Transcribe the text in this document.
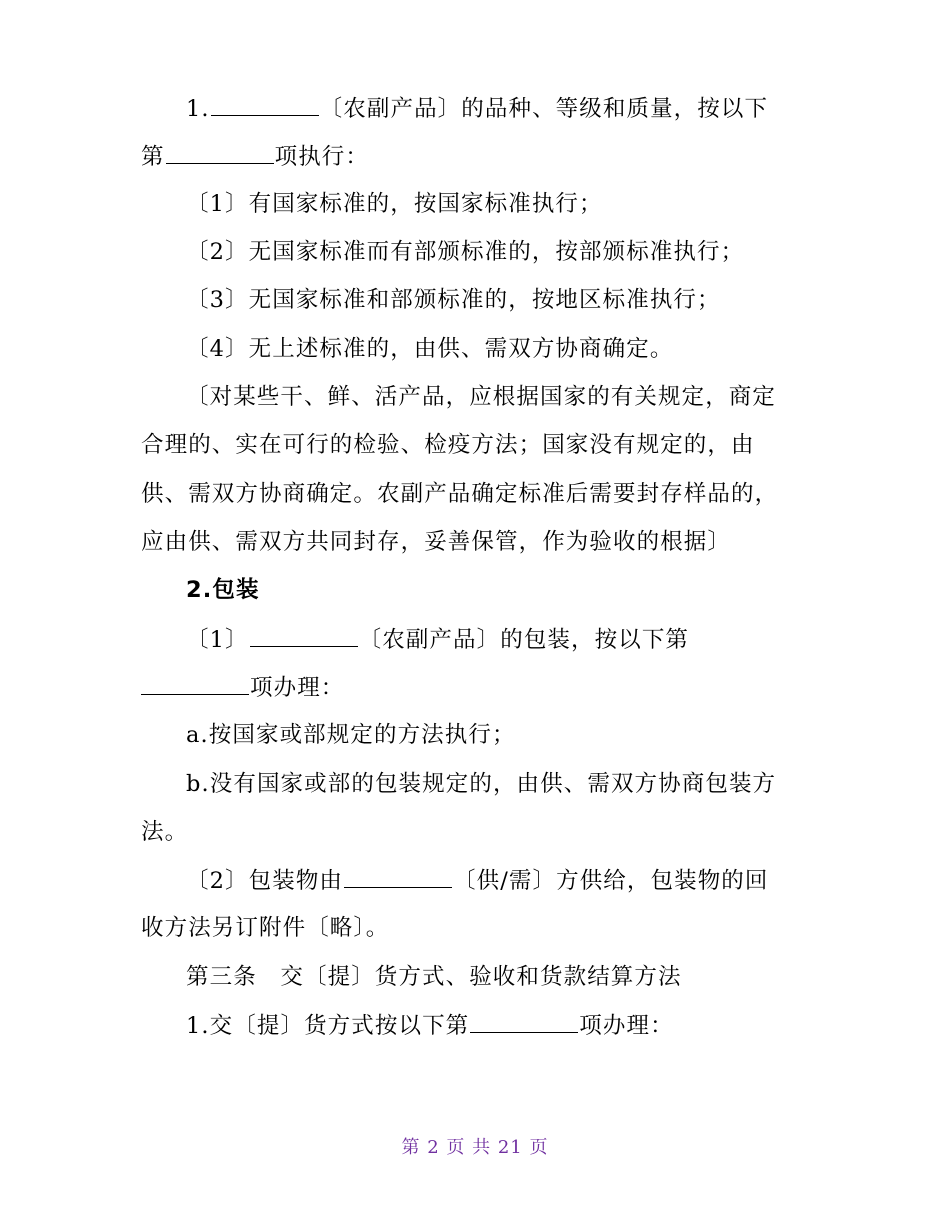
1.	〔农副产品〕的品种、等级和质量，按以下
第	项执行：
〔1〕有国家标准的，按国家标准执行；
〔2〕无国家标准而有部颁标准的，按部颁标准执行；
〔3〕无国家标准和部颁标准的，按地区标准执行；
〔4〕无上述标准的，由供、需双方协商确定。
〔对某些干、鲜、活产品，应根据国家的有关规定，商定
合理的、实在可行的检验、检疫方法；国家没有规定的，由
供、需双方协商确定。农副产品确定标准后需要封存样品的，
应由供、需双方共同封存，妥善保管，作为验收的根据〕
2.包装
〔1〕	〔农副产品〕的包装，按以下第
项办理：
a.按国家或部规定的方法执行；
b.没有国家或部的包装规定的，由供、需双方协商包装方
法。
〔2〕包装物由	〔供/需〕方供给，包装物的回
收方法另订附件〔略〕。
第三条　交〔提〕货方式、验收和货款结算方法
1.交〔提〕货方式按以下第	项办理：
第 2 页 共 21 页
